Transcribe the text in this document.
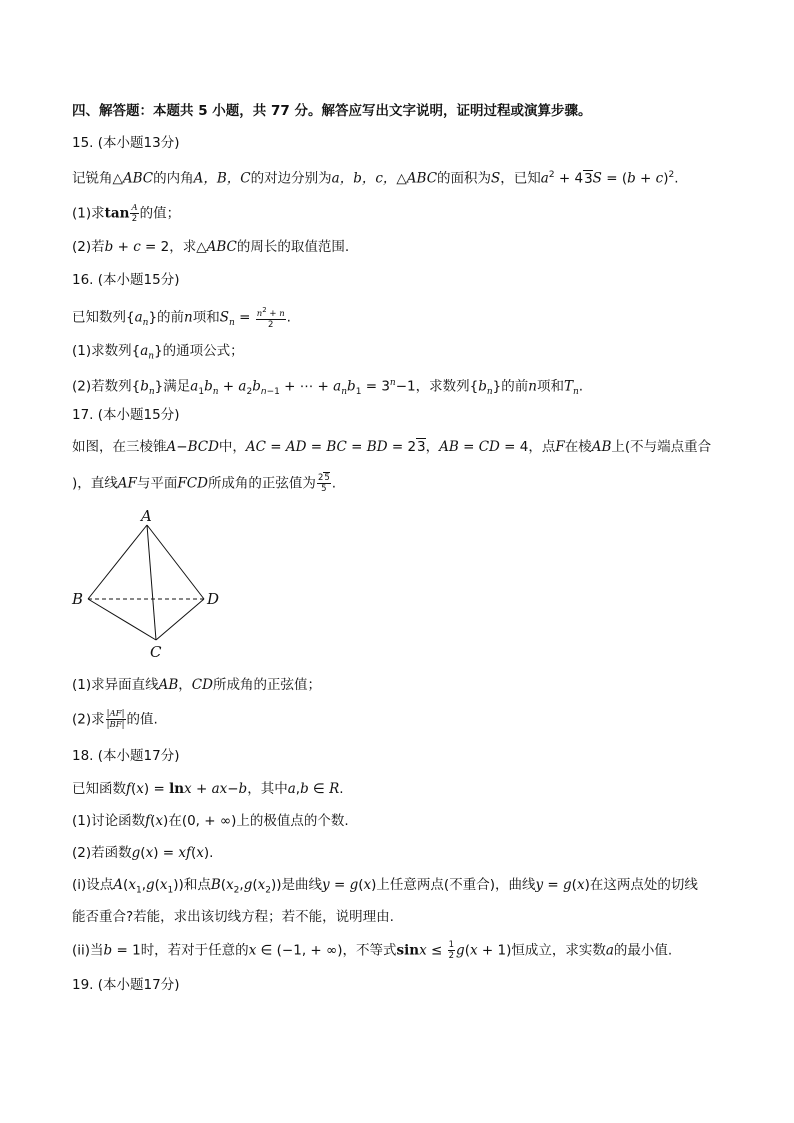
四、解答题：本题共 5 小题，共 77 分。解答应写出文字说明，证明过程或演算步骤。
15. (本小题13分)
记锐角△ABC的内角A，B，C的对边分别为a，b，c，△ABC的面积为S，已知$a^2 + 43S = (b + c)^2$.
(1)求$\tan \frac{A}{2}$ 的值；
(2)若b + c = 2，求△ABC的周长的取值范围.
16. (本小题15分)
已知数列$\{a_n\}$的前n项和$S_n = \frac{n^2 + n}{2}$ .
(1)求数列$\{a_n\}$的通项公式；
(2)若数列$\{b_n\}$满足$a_1b_n + a_2b_{n-1}$ + ⋯ + $a_nb_1 = 3^n-1$，求数列$\{b_n\}$的前n项和$T_n$.
17. (本小题15分)
如图，在三棱锥A−BCD中，AC = AD = BC = BD = 23，AB = CD = 4，点F在棱AB上(不与端点重合
)，直线AF与平面FCD所成角的正弦值为 $\frac{25}{5}$ .
A
B
C
D
(1)求异面直线AB，CD所成角的正弦值；
(2)求 $\frac{|AF|}{|BF|}$ 的值.
18. (本小题17分)
已知函数f(x) = lnx + ax−b，其中a,b ∈ R.
(1)讨论函数f(x)在(0, + ∞)上的极值点的个数.
(2)若函数g(x) = xf(x).
(i)设点$A(x_1,g(x_1))$和点$B(x_2,g(x_2))$是曲线y = g(x)上任意两点(不重合)，曲线y = g(x)在这两点处的切线
能否重合?若能，求出该切线方程；若不能，说明理由.
(ii)当b = 1时，若对于任意的x ∈ (−1, + ∞)，不等式$\sin x \le \frac{1}{2} g(x + 1)$恒成立，求实数a的最小值.
19. (本小题17分)
